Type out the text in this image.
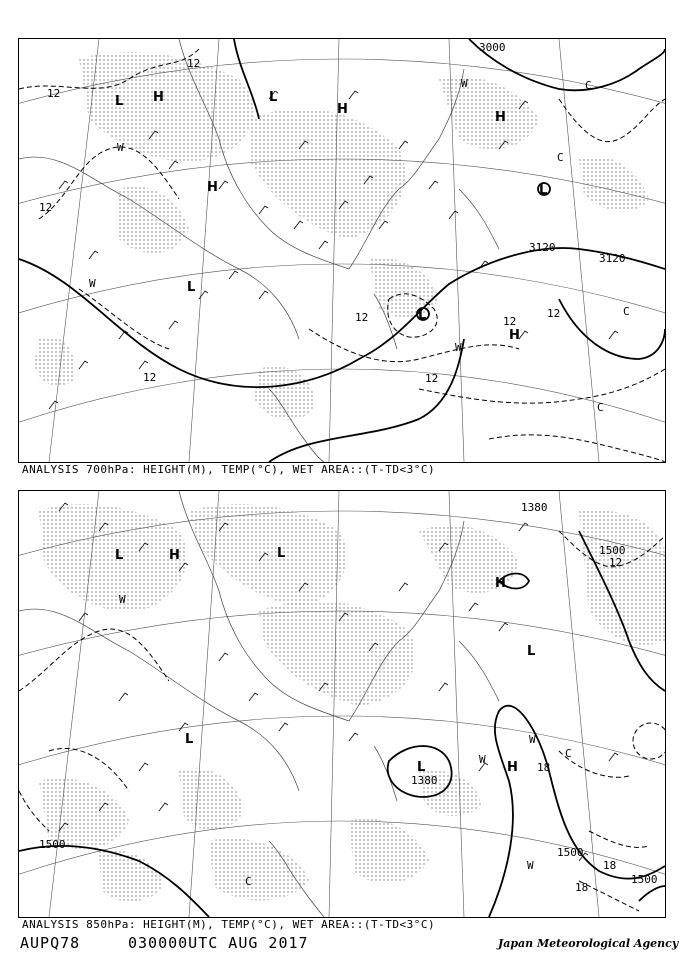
3120
3120
3000
12
12
12
12	12
12
12	12
L H	L
H
H
H
L
L
H
L
C
C
C
C
W
W
W
W
ANALYSIS 700hPa: HEIGHT(M), TEMP(°C), WET AREA::(T-TD<3°C)
1500
1500
1500
1500
1380
1380
12
18
18
18
L	H	L
H
L
L	H
L
C
C
W
W
W
W
ANALYSIS 850hPa: HEIGHT(M), TEMP(°C), WET AREA::(T-TD<3°C)
AUPQ78	030000UTC AUG 2017	Japan Meteorological Agency
